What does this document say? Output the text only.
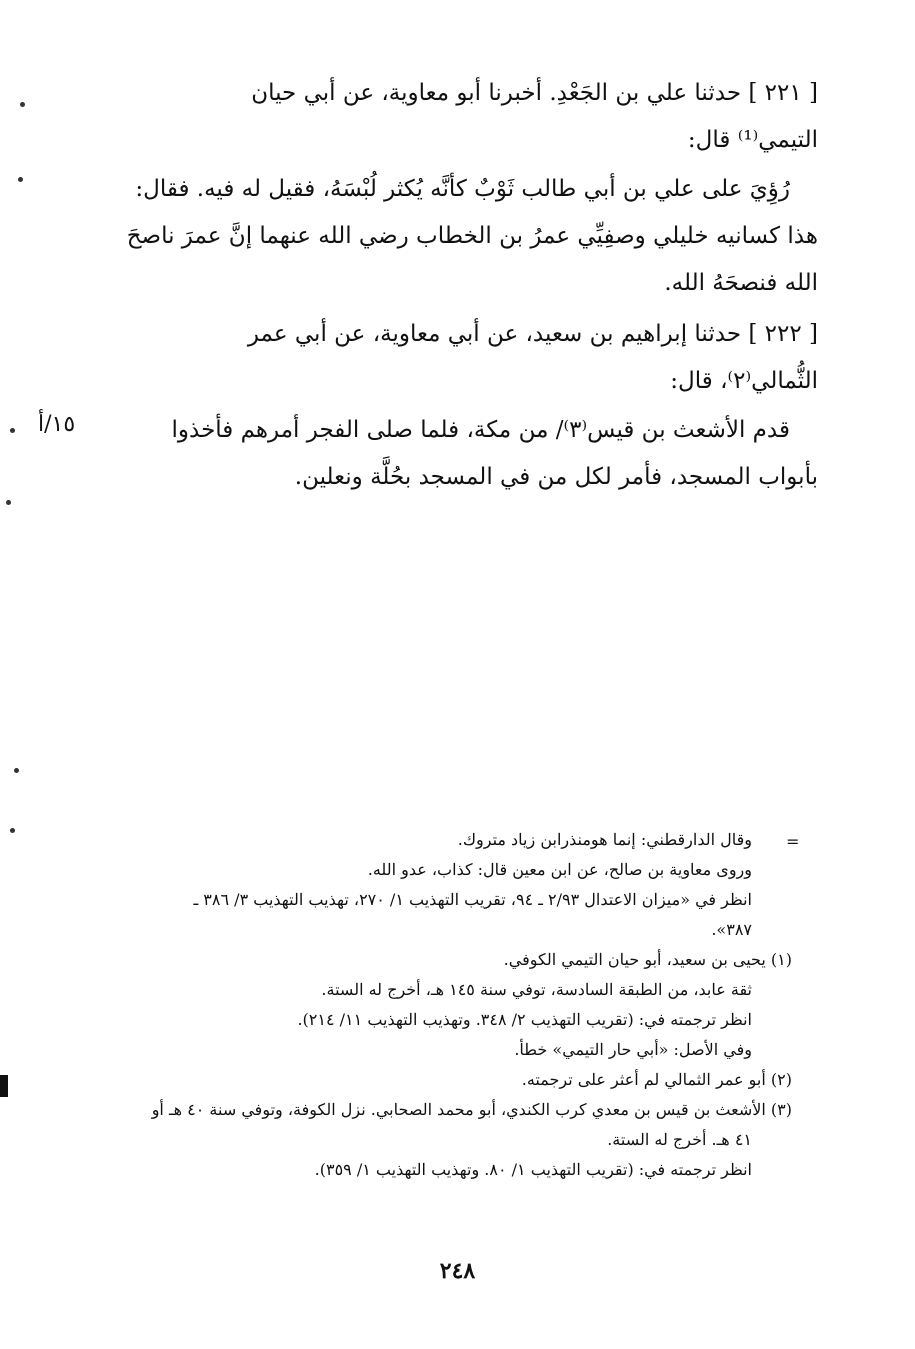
[ ٢٢١ ] حدثنا علي بن الجَعْدِ. أخبرنا أبو معاوية، عن أبي حيان

التيمي⁽¹⁾ قال:

رُؤِيَ على علي بن أبي طالب ثَوْبٌ كأنَّه يُكثر لُبْسَهُ، فقيل له فيه. فقال:

هذا كسانيه خليلي وصفِيِّي عمرُ بن الخطاب رضي الله عنهما إنَّ عمرَ ناصحَ

الله فنصحَهُ الله.

[ ٢٢٢ ] حدثنا إبراهيم بن سعيد، عن أبي معاوية، عن أبي عمر

الثُّمالي⁽٢⁾، قال:

قدم الأشعث بن قيس⁽٣⁾/ من مكة، فلما صلى الفجر أمرهم فأخذوا

بأبواب المسجد، فأمر لكل من في المسجد بحُلَّة ونعلين.

١٥/أ
=

وقال الدارقطني: إنما هومنذرابن زياد متروك.

وروى معاوية بن صالح، عن ابن معين قال: كذاب، عدو الله.

انظر في «ميزان الاعتدال ٢/٩٣ ـ ٩٤، تقريب التهذيب ١/ ٢٧٠، تهذيب التهذيب ٣/ ٣٨٦ ـ

٣٨٧».

(١) يحيى بن سعيد، أبو حيان التيمي الكوفي.

ثقة عابد، من الطبقة السادسة، توفي سنة ١٤٥ هـ، أخرج له الستة.

انظر ترجمته في: (تقريب التهذيب ٢/ ٣٤٨. وتهذيب التهذيب ١١/ ٢١٤).

وفي الأصل: «أبي حار التيمي» خطأ.

(٢) أبو عمر الثمالي لم أعثر على ترجمته.

(٣) الأشعث بن قيس بن معدي كرب الكندي، أبو محمد الصحابي. نزل الكوفة، وتوفي سنة ٤٠ هـ أو

٤١ هـ. أخرج له الستة.

انظر ترجمته في: (تقريب التهذيب ١/ ٨٠. وتهذيب التهذيب ١/ ٣٥٩).

٢٤٨
